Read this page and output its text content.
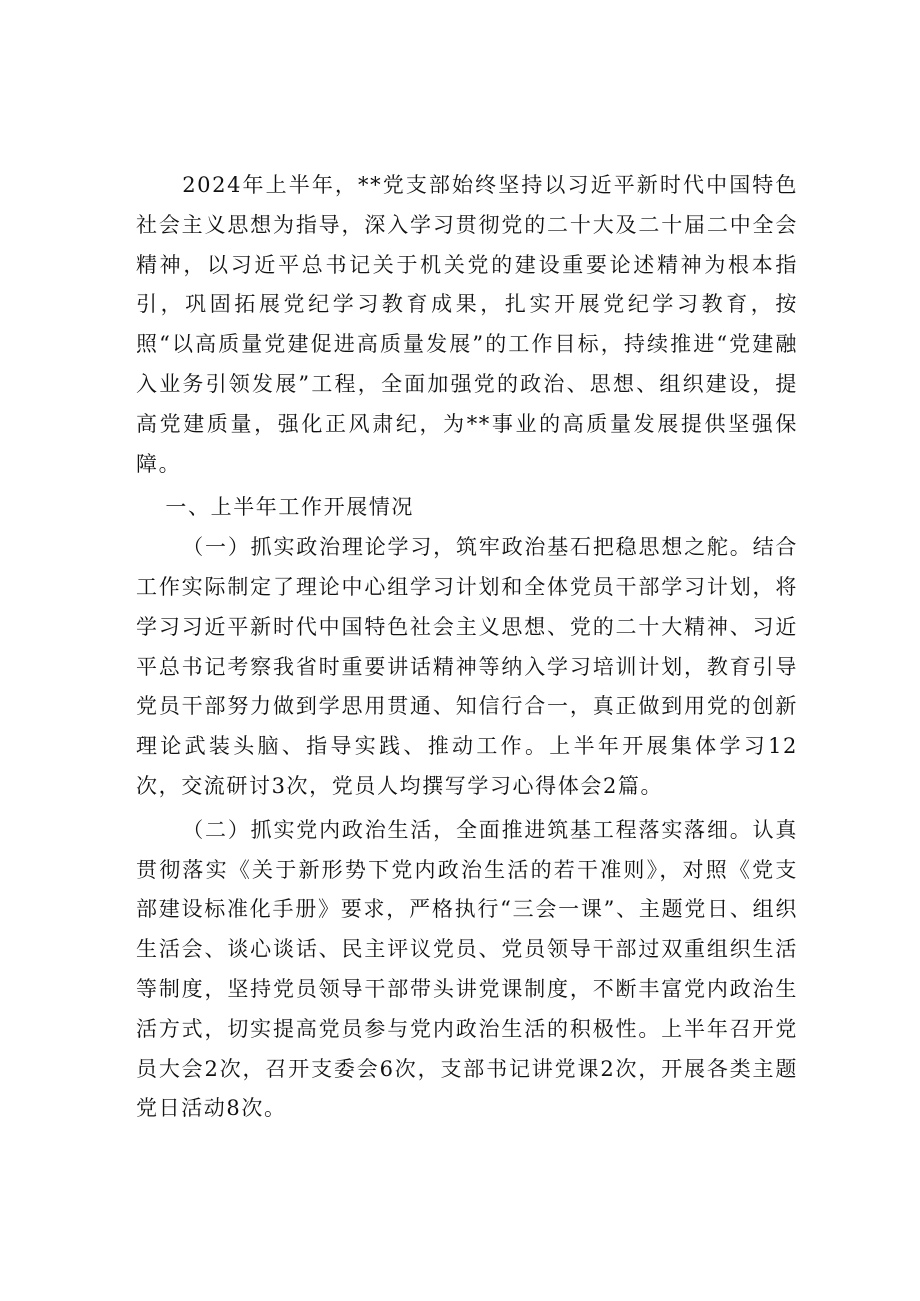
2024年上半年，**党支部始终坚持以习近平新时代中国特色社会主义思想为指导，深入学习贯彻党的二十大及二十届二中全会精神，以习近平总书记关于机关党的建设重要论述精神为根本指引，巩固拓展党纪学习教育成果，扎实开展党纪学习教育，按照“以高质量党建促进高质量发展”的工作目标，持续推进“党建融入业务引领发展”工程，全面加强党的政治、思想、组织建设，提高党建质量，强化正风肃纪，为**事业的高质量发展提供坚强保障。

一、上半年工作开展情况

（一）抓实政治理论学习，筑牢政治基石把稳思想之舵。结合工作实际制定了理论中心组学习计划和全体党员干部学习计划，将学习习近平新时代中国特色社会主义思想、党的二十大精神、习近平总书记考察我省时重要讲话精神等纳入学习培训计划，教育引导党员干部努力做到学思用贯通、知信行合一，真正做到用党的创新理论武装头脑、指导实践、推动工作。上半年开展集体学习12次，交流研讨3次，党员人均撰写学习心得体会2篇。

（二）抓实党内政治生活，全面推进筑基工程落实落细。认真贯彻落实《关于新形势下党内政治生活的若干准则》，对照《党支部建设标准化手册》要求，严格执行“三会一课”、主题党日、组织生活会、谈心谈话、民主评议党员、党员领导干部过双重组织生活等制度，坚持党员领导干部带头讲党课制度，不断丰富党内政治生活方式，切实提高党员参与党内政治生活的积极性。上半年召开党员大会2次，召开支委会6次，支部书记讲党课2次，开展各类主题党日活动8次。
